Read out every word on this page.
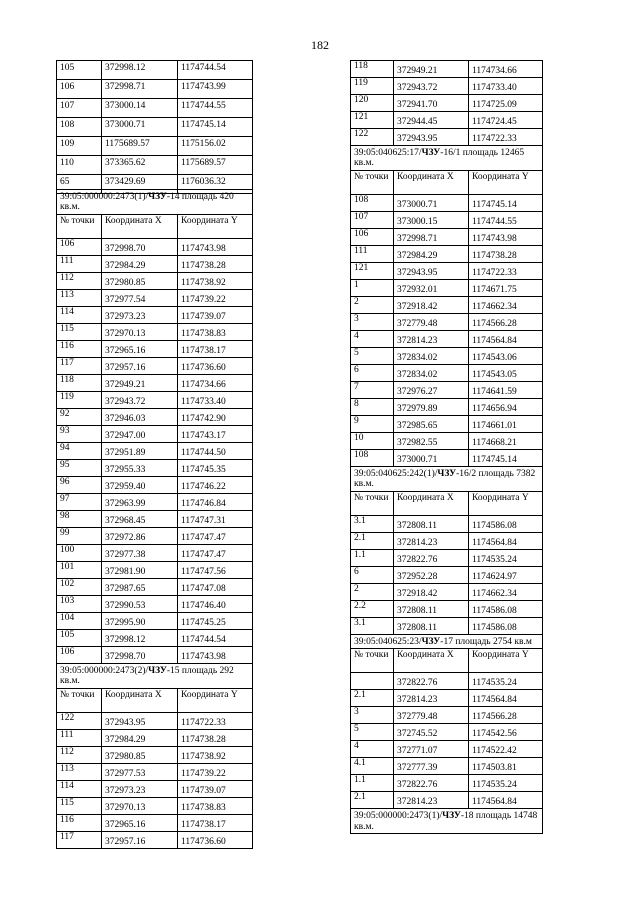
182
105	372998.12	1174744.54
106	372998.71	1174743.99
107	373000.14	1174744.55
108	373000.71	1174745.14
109	1175689.57	1175156.02
110	373365.62	1175689.57
65	373429.69	1176036.32
39:05:000000:2473(1)/ЧЗУ-14 площадь 420 кв.м.		
№ точки	Координата X	Координата Y
106	372998.70	1174743.98
111	372984.29	1174738.28
112	372980.85	1174738.92
113	372977.54	1174739.22
114	372973.23	1174739.07
115	372970.13	1174738.83
116	372965.16	1174738.17
117	372957.16	1174736.60
118	372949.21	1174734.66
119	372943.72	1174733.40
92	372946.03	1174742.90
93	372947.00	1174743.17
94	372951.89	1174744.50
95	372955.33	1174745.35
96	372959.40	1174746.22
97	372963.99	1174746.84
98	372968.45	1174747.31
99	372972.86	1174747.47
100	372977.38	1174747.47
101	372981.90	1174747.56
102	372987.65	1174747.08
103	372990.53	1174746.40
104	372995.90	1174745.25
105	372998.12	1174744.54
106	372998.70	1174743.98
39:05:000000:2473(2)/ЧЗУ-15 площадь 292 кв.м.		
№ точки	Координата X	Координата Y
122	372943.95	1174722.33
111	372984.29	1174738.28
112	372980.85	1174738.92
113	372977.53	1174739.22
114	372973.23	1174739.07
115	372970.13	1174738.83
116	372965.16	1174738.17
117	372957.16	1174736.60
118	372949.21	1174734.66
119	372943.72	1174733.40
120	372941.70	1174725.09
121	372944.45	1174724.45
122	372943.95	1174722.33
39:05:040625:17/ЧЗУ-16/1 площадь 12465 кв.м.		
№ точки	Координата X	Координата Y
108	373000.71	1174745.14
107	373000.15	1174744.55
106	372998.71	1174743.98
111	372984.29	1174738.28
121	372943.95	1174722.33
1	372932.01	1174671.75
2	372918.42	1174662.34
3	372779.48	1174566.28
4	372814.23	1174564.84
5	372834.02	1174543.06
6	372834.02	1174543.05
7	372976.27	1174641.59
8	372979.89	1174656.94
9	372985.65	1174661.01
10	372982.55	1174668.21
108	373000.71	1174745.14
39:05:040625:242(1)/ЧЗУ-16/2 площадь 7382 кв.м.		
№ точки	Координата X	Координата Y
3.1	372808.11	1174586.08
2.1	372814.23	1174564.84
1.1	372822.76	1174535.24
6	372952.28	1174624.97
2	372918.42	1174662.34
2.2	372808.11	1174586.08
3.1	372808.11	1174586.08
39:05:040625:23/ЧЗУ-17 площадь 2754 кв.м		
№ точки	Координата X	Координата Y
	372822.76	1174535.24
2.1	372814.23	1174564.84
3	372779.48	1174566.28
5	372745.52	1174542.56
4	372771.07	1174522.42
4.1	372777.39	1174503.81
1.1	372822.76	1174535.24
2.1	372814.23	1174564.84
39:05:000000:2473(1)/ЧЗУ-18 площадь 14748 кв.м.		
